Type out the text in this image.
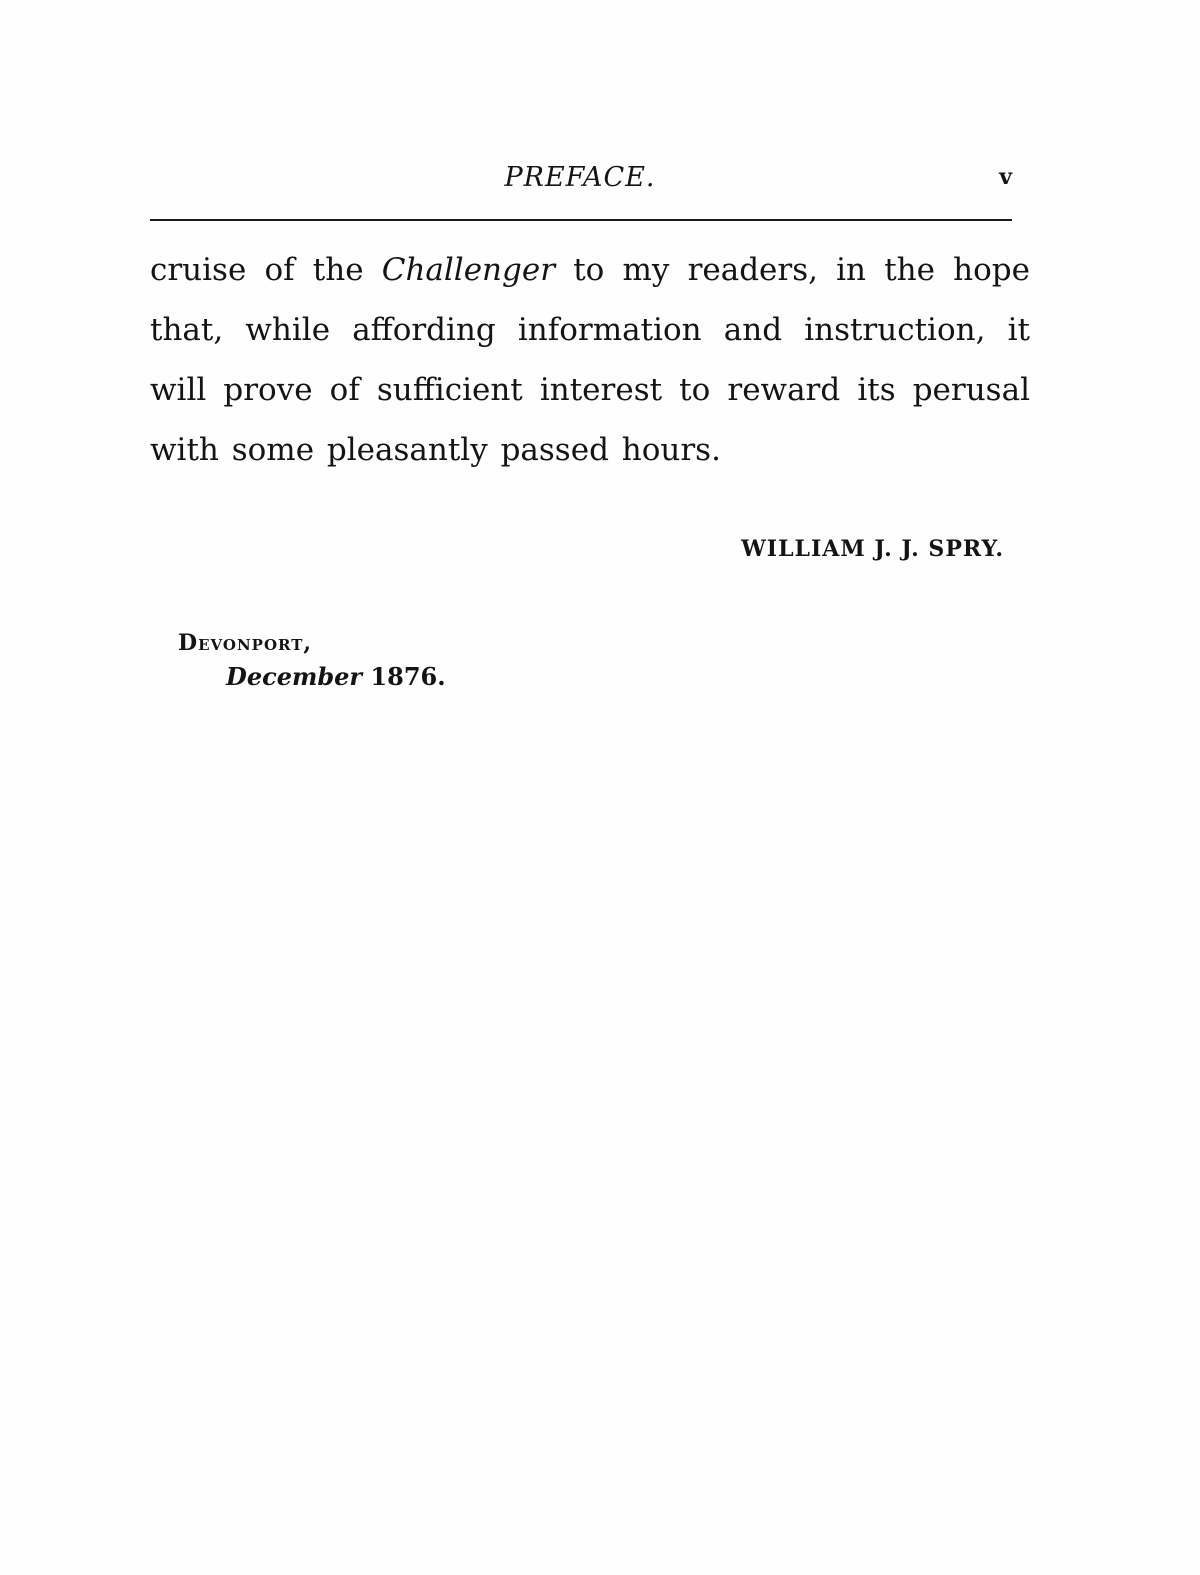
PREFACE.	v
cruise of the Challenger to my readers, in the hope
that, while affording information and instruction, it
will prove of sufficient interest to reward its perusal
with some pleasantly passed hours.
WILLIAM J. J. SPRY.
Devonport,
December 1876.
